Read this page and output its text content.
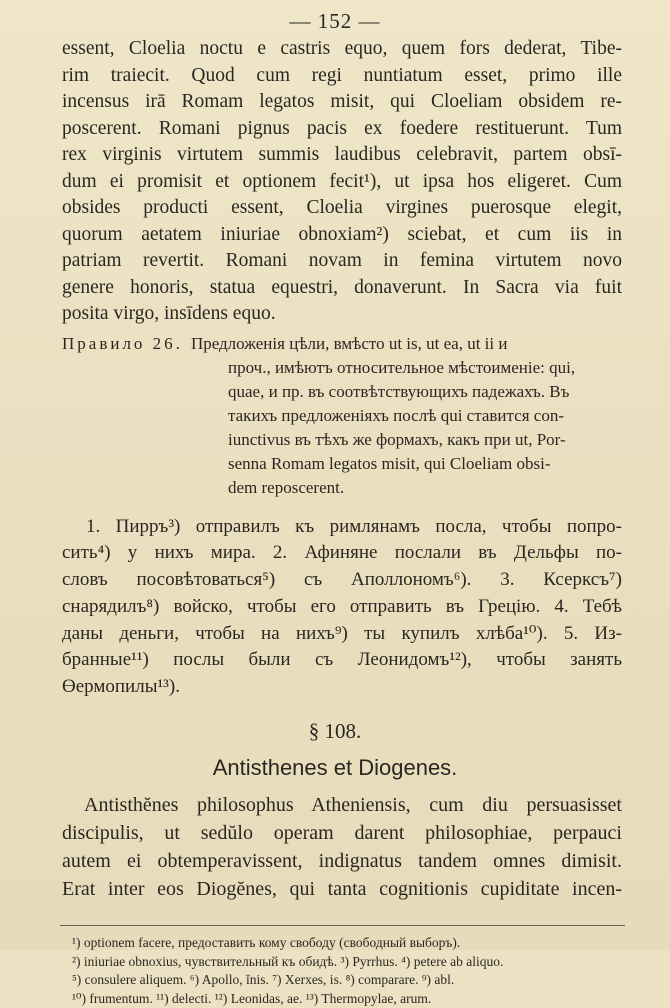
— 152 —
essent, Cloelia noctu e castris equo, quem fors dederat, Tibe-
rim traiecit. Quod cum regi nuntiatum esset, primo ille
incensus irā Romam legatos misit, qui Cloeliam obsidem re-
poscerent. Romani pignus pacis ex foedere restituerunt. Tum
rex virginis virtutem summis laudibus celebravit, partem obsī-
dum ei promisit et optionem fecit¹), ut ipsa hos eligeret. Cum
obsides producti essent, Cloelia virgines puerosque elegit,
quorum aetatem iniuriae obnoxiam²) sciebat, et cum iis in
patriam revertit. Romani novam in femina virtutem novo
genere honoris, statua equestri, donaverunt. In Sacra via fuit
posita virgo, insīdens equo.
Правило 26. Предложенія цѣли, вмѣсто ut is, ut ea, ut ii и
проч., имѣютъ относительное мѣстоименіе: qui,
quae, и пр. въ соотвѣтствующихъ падежахъ. Въ
такихъ предложеніяхъ послѣ qui ставится con-
iunctivus въ тѣхъ же формахъ, какъ при ut, Por-
senna Romam legatos misit, qui Cloeliam obsi-
dem reposcerent.
1. Пирръ³) отправилъ къ римлянамъ посла, чтобы попро-
сить⁴) у нихъ мира. 2. Афиняне послали въ Дельфы по-
словъ посовѣтоваться⁵) съ Аполлономъ⁶). 3. Ксерксъ⁷)
снарядилъ⁸) войско, чтобы его отправить въ Грецію. 4. Тебѣ
даны деньги, чтобы на нихъ⁹) ты купилъ хлѣба¹⁰). 5. Из-
бранные¹¹) послы были съ Леонидомъ¹²), чтобы занять
Өермопилы¹³).
§ 108.
Antisthenes et Diogenes.
Antisthĕnes philosophus Atheniensis, cum diu persuasisset
discipulis, ut sedŭlo operam darent philosophiae, perpauci
autem ei obtemperavissent, indignatus tandem omnes dimisit.
Erat inter eos Diogĕnes, qui tanta cognitionis cupiditate incen-
¹) optionem facere, предоставить кому свободу (свободный выборъ).
²) iniuriae obnoxius, чувствительный къ обидѣ. ³) Pyrrhus. ⁴) petere ab aliquo.
⁵) consulere aliquem. ⁶) Apollo, ĭnis. ⁷) Xerxes, is. ⁸) comparare. ⁹) abl.
¹⁰) frumentum. ¹¹) delecti. ¹²) Leonidas, ae. ¹³) Thermopylae, arum.
